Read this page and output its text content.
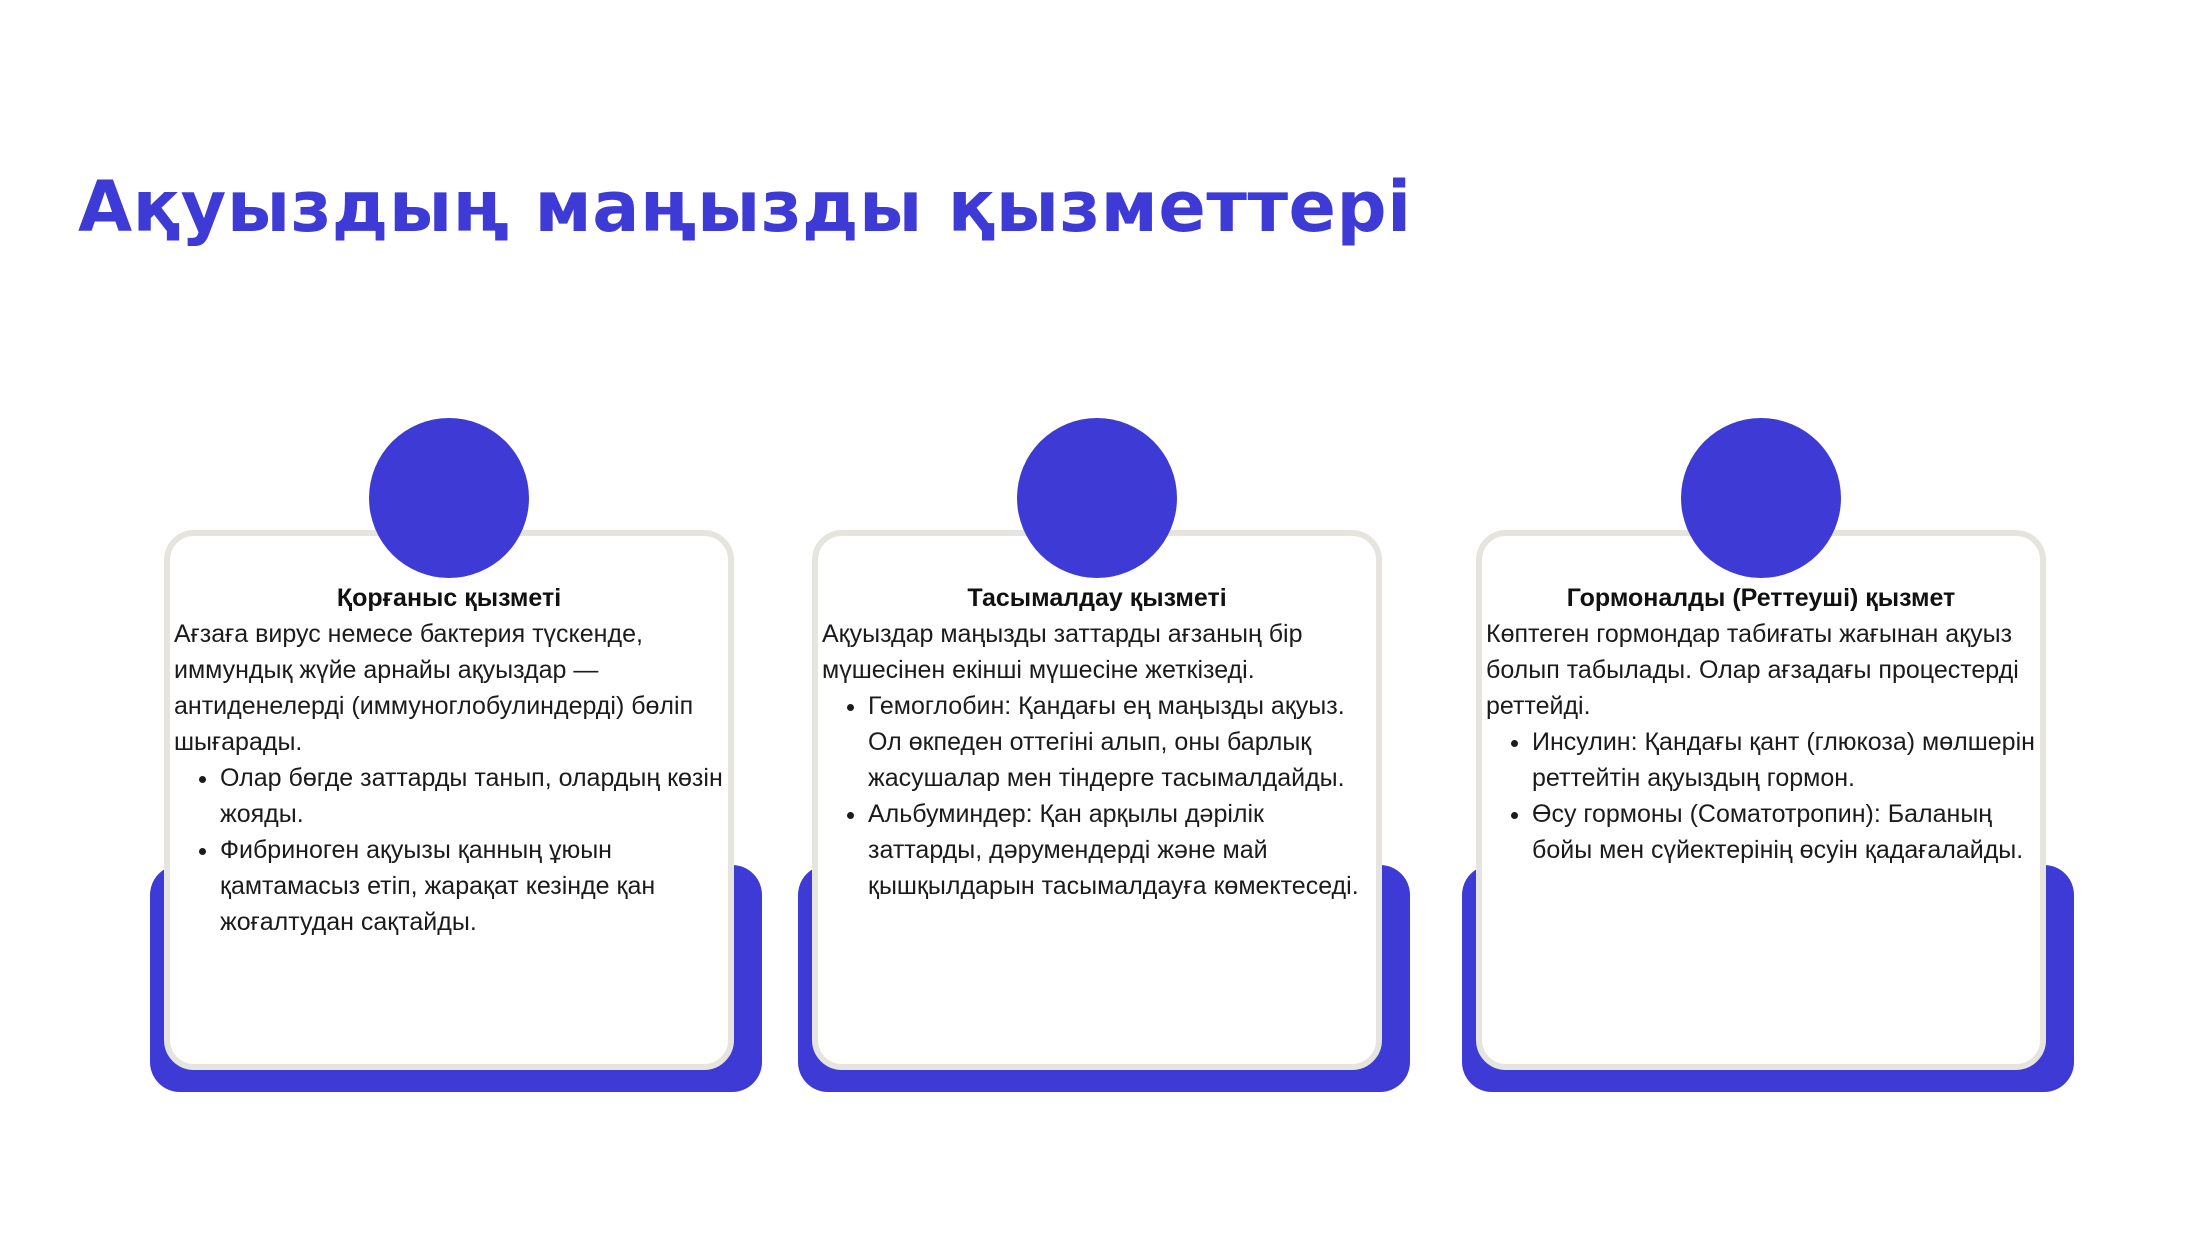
Ақуыздың маңызды қызметтері

Қорғаныс қызметі

Ағзаға вирус немесе бактерия түскенде, иммундық жүйе арнайы ақуыздар — антиденелерді (иммуноглобулиндерді) бөліп шығарады.

• Олар бөгде заттарды танып, олардың көзін жояды.
• Фибриноген ақуызы қанның ұюын қамтамасыз етіп, жарақат кезінде қан жоғалтудан сақтайды.

Тасымалдау қызметі

Ақуыздар маңызды заттарды ағзаның бір мүшесінен екінші мүшесіне жеткізеді.

• Гемоглобин: Қандағы ең маңызды ақуыз. Ол өкпеден оттегіні алып, оны барлық жасушалар мен тіндерге тасымалдайды.
• Альбуминдер: Қан арқылы дәрілік заттарды, дәрумендерді және май қышқылдарын тасымалдауға көмектеседі.

Гормоналды (Реттеуші) қызмет

Көптеген гормондар табиғаты жағынан ақуыз болып табылады. Олар ағзадағы процестерді реттейді.

• Инсулин: Қандағы қант (глюкоза) мөлшерін реттейтін ақуыздың гормон.
• Өсу гормоны (Соматотропин): Баланың бойы мен сүйектерінің өсуін қадағалайды.
